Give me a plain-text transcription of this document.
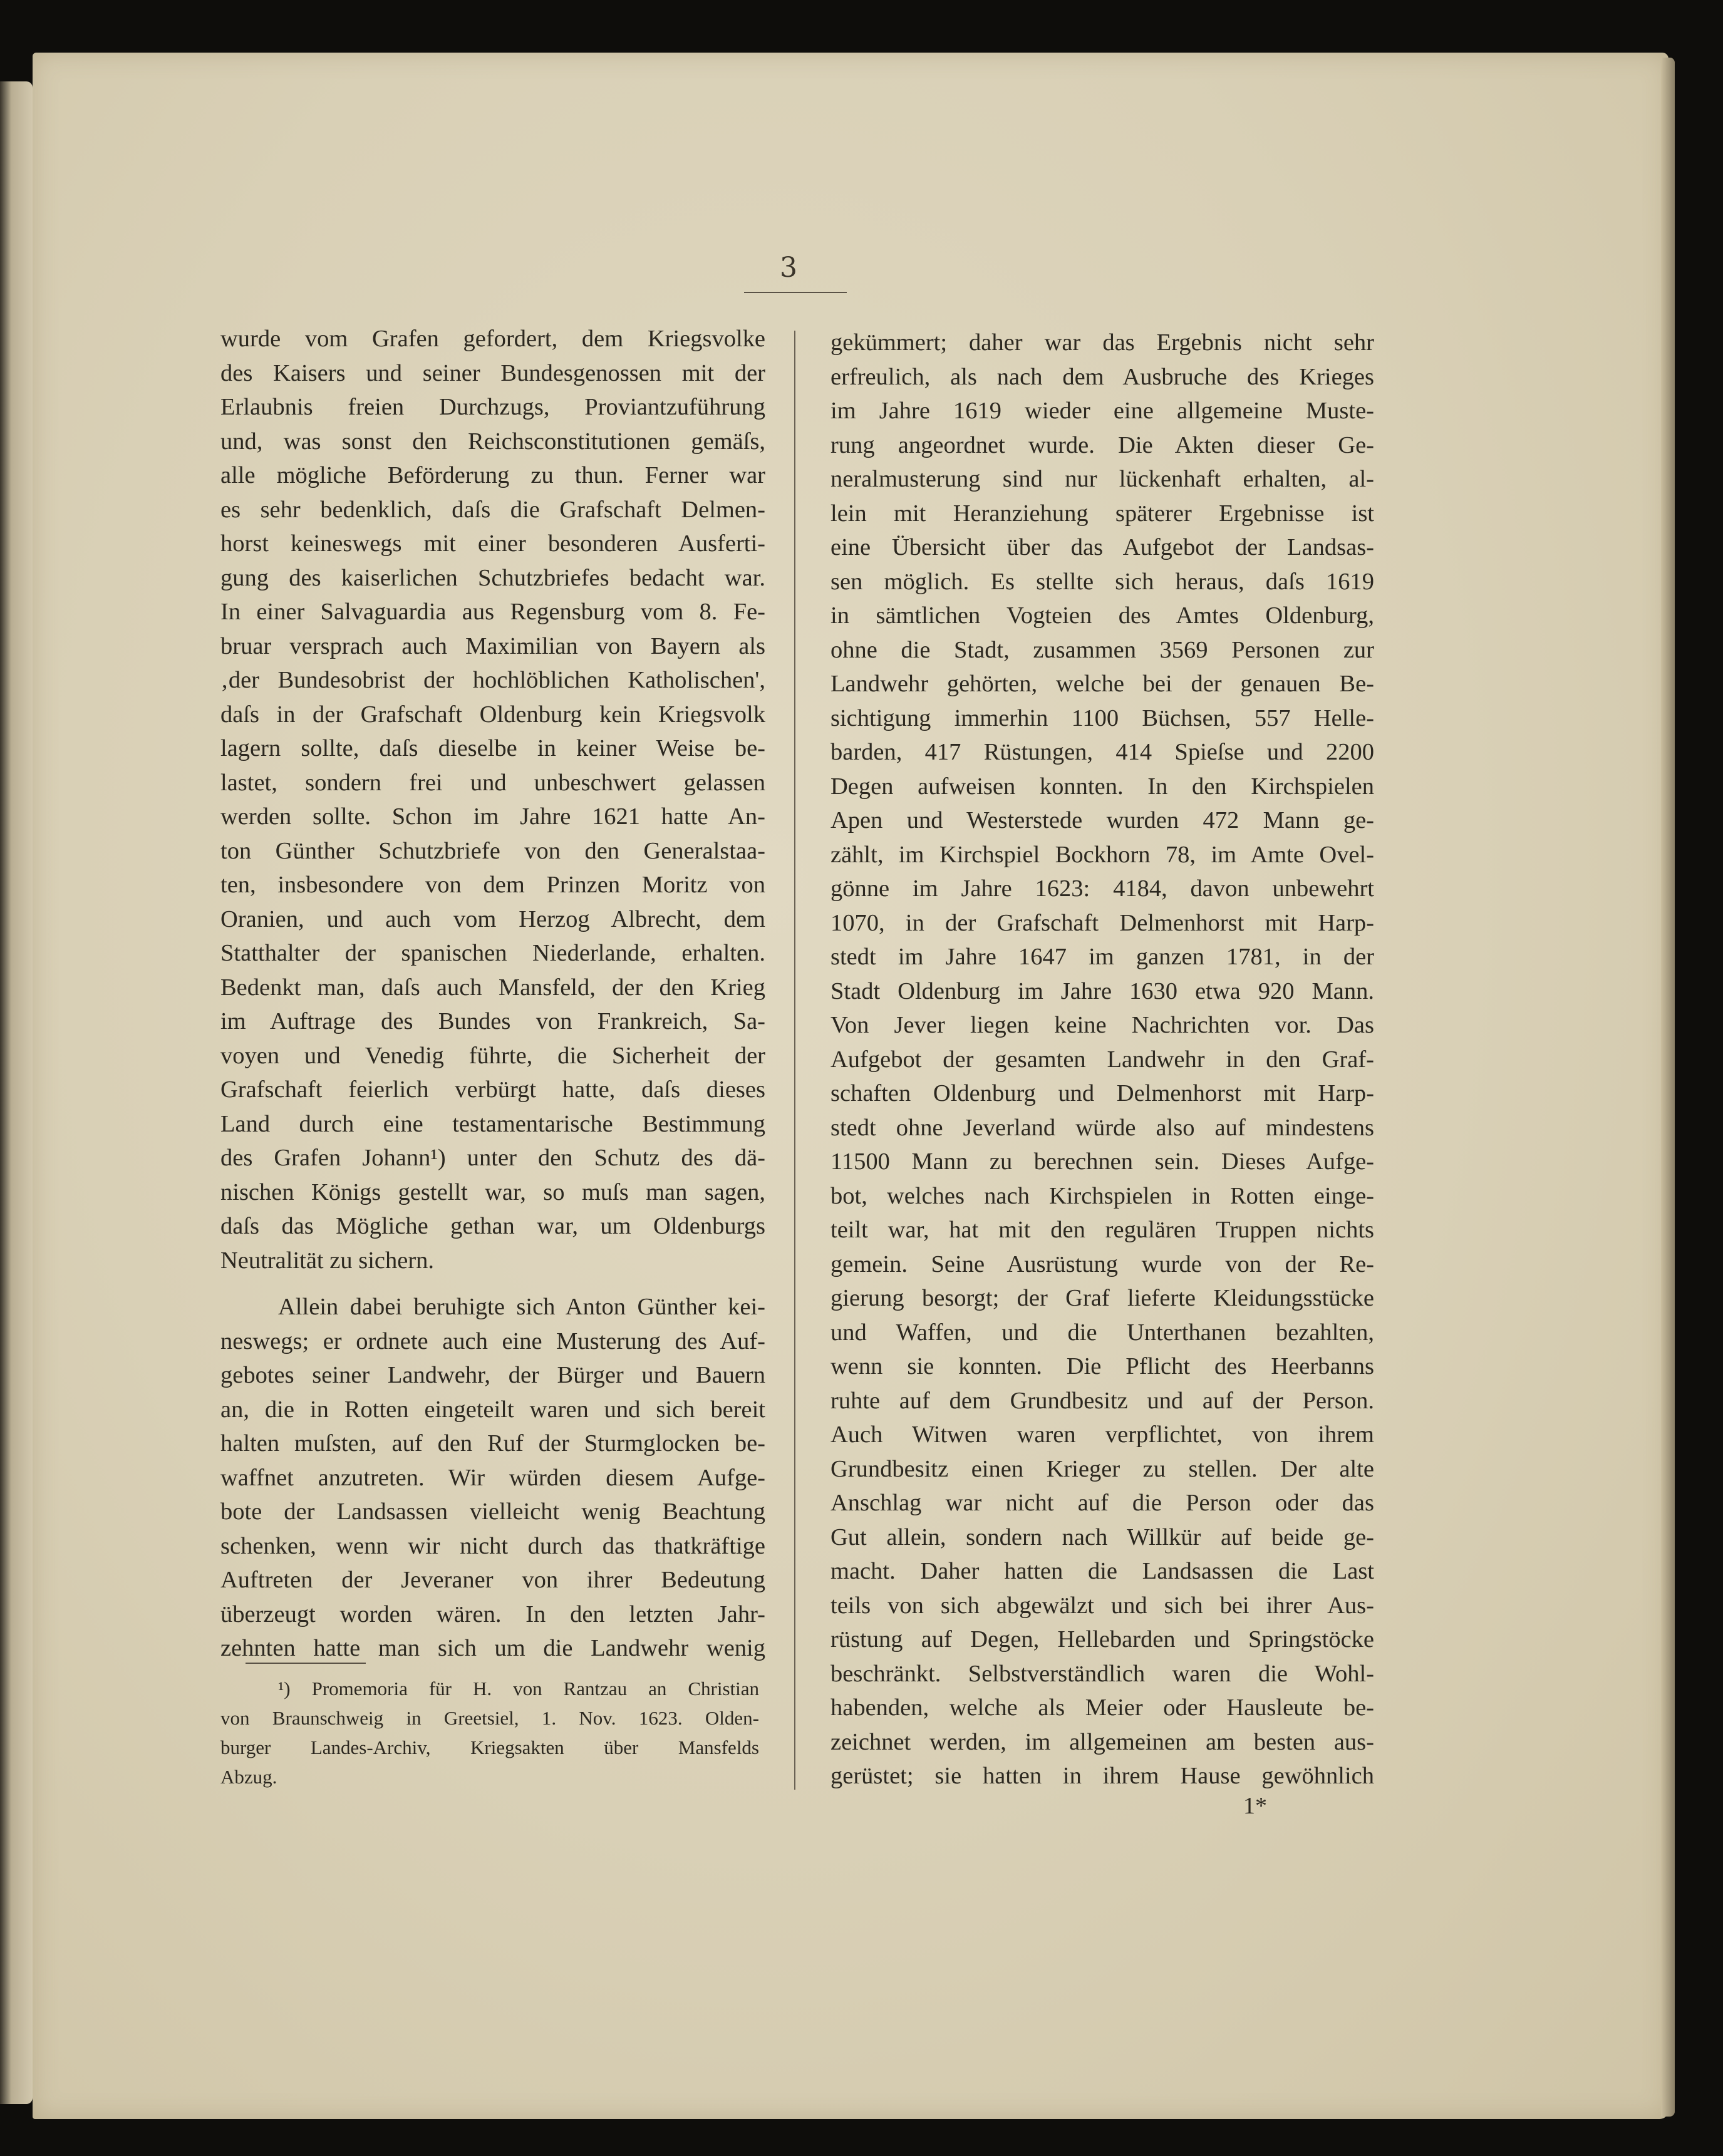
3
wurde vom Grafen gefordert, dem Kriegsvolke
des Kaisers und seiner Bundesgenossen mit der
Erlaubnis freien Durchzugs, Proviantzuführung
und, was sonst den Reichsconstitutionen gemäſs,
alle mögliche Beförderung zu thun. Ferner war
es sehr bedenklich, daſs die Grafschaft Delmen-
horst keineswegs mit einer besonderen Ausferti-
gung des kaiserlichen Schutzbriefes bedacht war.
In einer Salvaguardia aus Regensburg vom 8. Fe-
bruar versprach auch Maximilian von Bayern als
‚der Bundesobrist der hochlöblichen Katholischen',
daſs in der Grafschaft Oldenburg kein Kriegsvolk
lagern sollte, daſs dieselbe in keiner Weise be-
lastet, sondern frei und unbeschwert gelassen
werden sollte. Schon im Jahre 1621 hatte An-
ton Günther Schutzbriefe von den Generalstaa-
ten, insbesondere von dem Prinzen Moritz von
Oranien, und auch vom Herzog Albrecht, dem
Statthalter der spanischen Niederlande, erhalten.
Bedenkt man, daſs auch Mansfeld, der den Krieg
im Auftrage des Bundes von Frankreich, Sa-
voyen und Venedig führte, die Sicherheit der
Grafschaft feierlich verbürgt hatte, daſs dieses
Land durch eine testamentarische Bestimmung
des Grafen Johann¹) unter den Schutz des dä-
nischen Königs gestellt war, so muſs man sagen,
daſs das Mögliche gethan war, um Oldenburgs
Neutralität zu sichern.
Allein dabei beruhigte sich Anton Günther kei-
neswegs; er ordnete auch eine Musterung des Auf-
gebotes seiner Landwehr, der Bürger und Bauern
an, die in Rotten eingeteilt waren und sich bereit
halten muſsten, auf den Ruf der Sturmglocken be-
waffnet anzutreten. Wir würden diesem Aufge-
bote der Landsassen vielleicht wenig Beachtung
schenken, wenn wir nicht durch das thatkräftige
Auftreten der Jeveraner von ihrer Bedeutung
überzeugt worden wären. In den letzten Jahr-
zehnten hatte man sich um die Landwehr wenig
gekümmert; daher war das Ergebnis nicht sehr
erfreulich, als nach dem Ausbruche des Krieges
im Jahre 1619 wieder eine allgemeine Muste-
rung angeordnet wurde. Die Akten dieser Ge-
neralmusterung sind nur lückenhaft erhalten, al-
lein mit Heranziehung späterer Ergebnisse ist
eine Übersicht über das Aufgebot der Landsas-
sen möglich. Es stellte sich heraus, daſs 1619
in sämtlichen Vogteien des Amtes Oldenburg,
ohne die Stadt, zusammen 3569 Personen zur
Landwehr gehörten, welche bei der genauen Be-
sichtigung immerhin 1100 Büchsen, 557 Helle-
barden, 417 Rüstungen, 414 Spieſse und 2200
Degen aufweisen konnten. In den Kirchspielen
Apen und Westerstede wurden 472 Mann ge-
zählt, im Kirchspiel Bockhorn 78, im Amte Ovel-
gönne im Jahre 1623: 4184, davon unbewehrt
1070, in der Grafschaft Delmenhorst mit Harp-
stedt im Jahre 1647 im ganzen 1781, in der
Stadt Oldenburg im Jahre 1630 etwa 920 Mann.
Von Jever liegen keine Nachrichten vor. Das
Aufgebot der gesamten Landwehr in den Graf-
schaften Oldenburg und Delmenhorst mit Harp-
stedt ohne Jeverland würde also auf mindestens
11500 Mann zu berechnen sein. Dieses Aufge-
bot, welches nach Kirchspielen in Rotten einge-
teilt war, hat mit den regulären Truppen nichts
gemein. Seine Ausrüstung wurde von der Re-
gierung besorgt; der Graf lieferte Kleidungsstücke
und Waffen, und die Unterthanen bezahlten,
wenn sie konnten. Die Pflicht des Heerbanns
ruhte auf dem Grundbesitz und auf der Person.
Auch Witwen waren verpflichtet, von ihrem
Grundbesitz einen Krieger zu stellen. Der alte
Anschlag war nicht auf die Person oder das
Gut allein, sondern nach Willkür auf beide ge-
macht. Daher hatten die Landsassen die Last
teils von sich abgewälzt und sich bei ihrer Aus-
rüstung auf Degen, Hellebarden und Springstöcke
beschränkt. Selbstverständlich waren die Wohl-
habenden, welche als Meier oder Hausleute be-
zeichnet werden, im allgemeinen am besten aus-
gerüstet; sie hatten in ihrem Hause gewöhnlich
¹) Promemoria für H. von Rantzau an Christian
von Braunschweig in Greetsiel, 1. Nov. 1623. Olden-
burger Landes-Archiv, Kriegsakten über Mansfelds
Abzug.
1*
